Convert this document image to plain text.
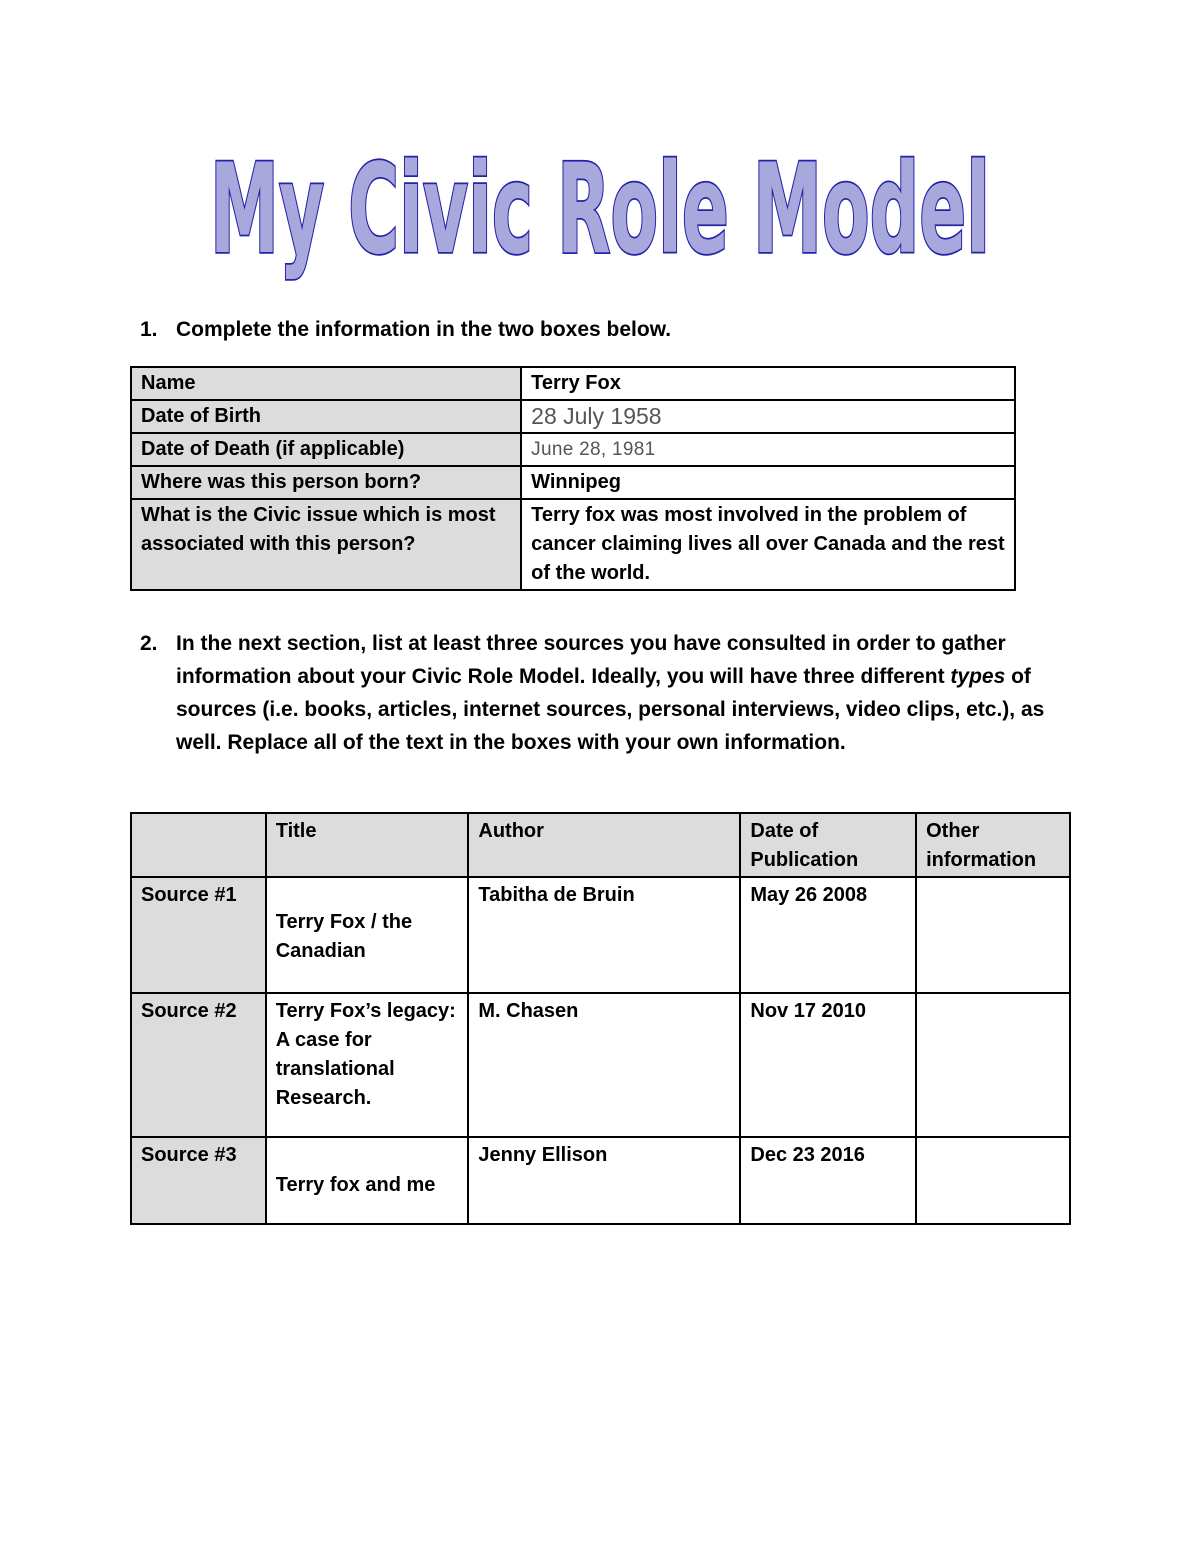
My Civic Role Model
1. Complete the information in the two boxes below.
Name	Terry Fox
Date of Birth	28 July 1958
Date of Death (if applicable)	June 28, 1981
Where was this person born?	Winnipeg
What is the Civic issue which is most associated with this person?	Terry fox was most involved in the problem of cancer claiming lives all over Canada and the rest of the world.
2. In the next section, list at least three sources you have consulted in order to gather information about your Civic Role Model. Ideally, you will have three different types of sources (i.e. books, articles, internet sources, personal interviews, video clips, etc.), as well. Replace all of the text in the boxes with your own information.
	Title	Author	Date of Publication	Other information
Source #1	Terry Fox / the Canadian	Tabitha de Bruin	May 26 2008	
Source #2	Terry Fox’s legacy: A case for translational Research.	M. Chasen	Nov 17 2010	
Source #3	Terry fox and me	Jenny Ellison	Dec 23 2016	
